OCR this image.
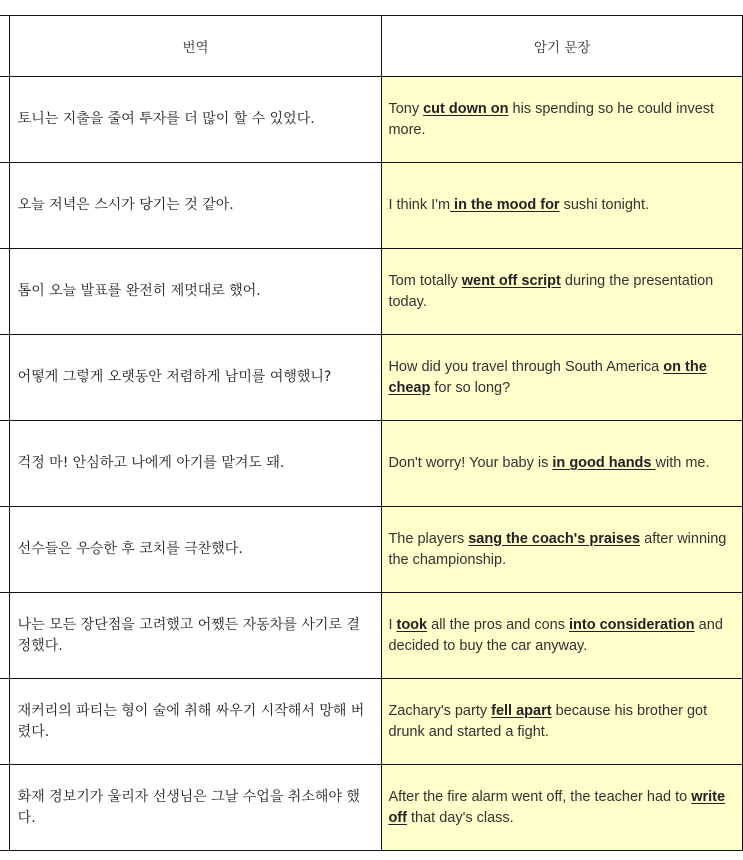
	번역	암기 문장
	토니는 지출을 줄여 투자를 더 많이 할 수 있었다.	Tony cut down on his spending so he could invest more.
	오늘 저녁은 스시가 당기는 것 같아.	I think I'm in the mood for sushi tonight.
	톰이 오늘 발표를 완전히 제멋대로 했어.	Tom totally went off script during the presentation today.
	어떻게 그렇게 오랫동안 저렴하게 남미를 여행했니?	How did you travel through South America on the cheap for so long?
	걱정 마! 안심하고 나에게 아기를 맡겨도 돼.	Don't worry! Your baby is in good hands with me.
	선수들은 우승한 후 코치를 극찬했다.	The players sang the coach's praises after winning the championship.
	나는 모든 장단점을 고려했고 어쨌든 자동차를 사기로 결정했다.	I took all the pros and cons into consideration and decided to buy the car anyway.
	재커리의 파티는 형이 술에 취해 싸우기 시작해서 망해 버렸다.	Zachary's party fell apart because his brother got drunk and started a fight.
	화재 경보기가 울리자 선생님은 그날 수업을 취소해야 했다.	After the fire alarm went off, the teacher had to write off that day's class.
